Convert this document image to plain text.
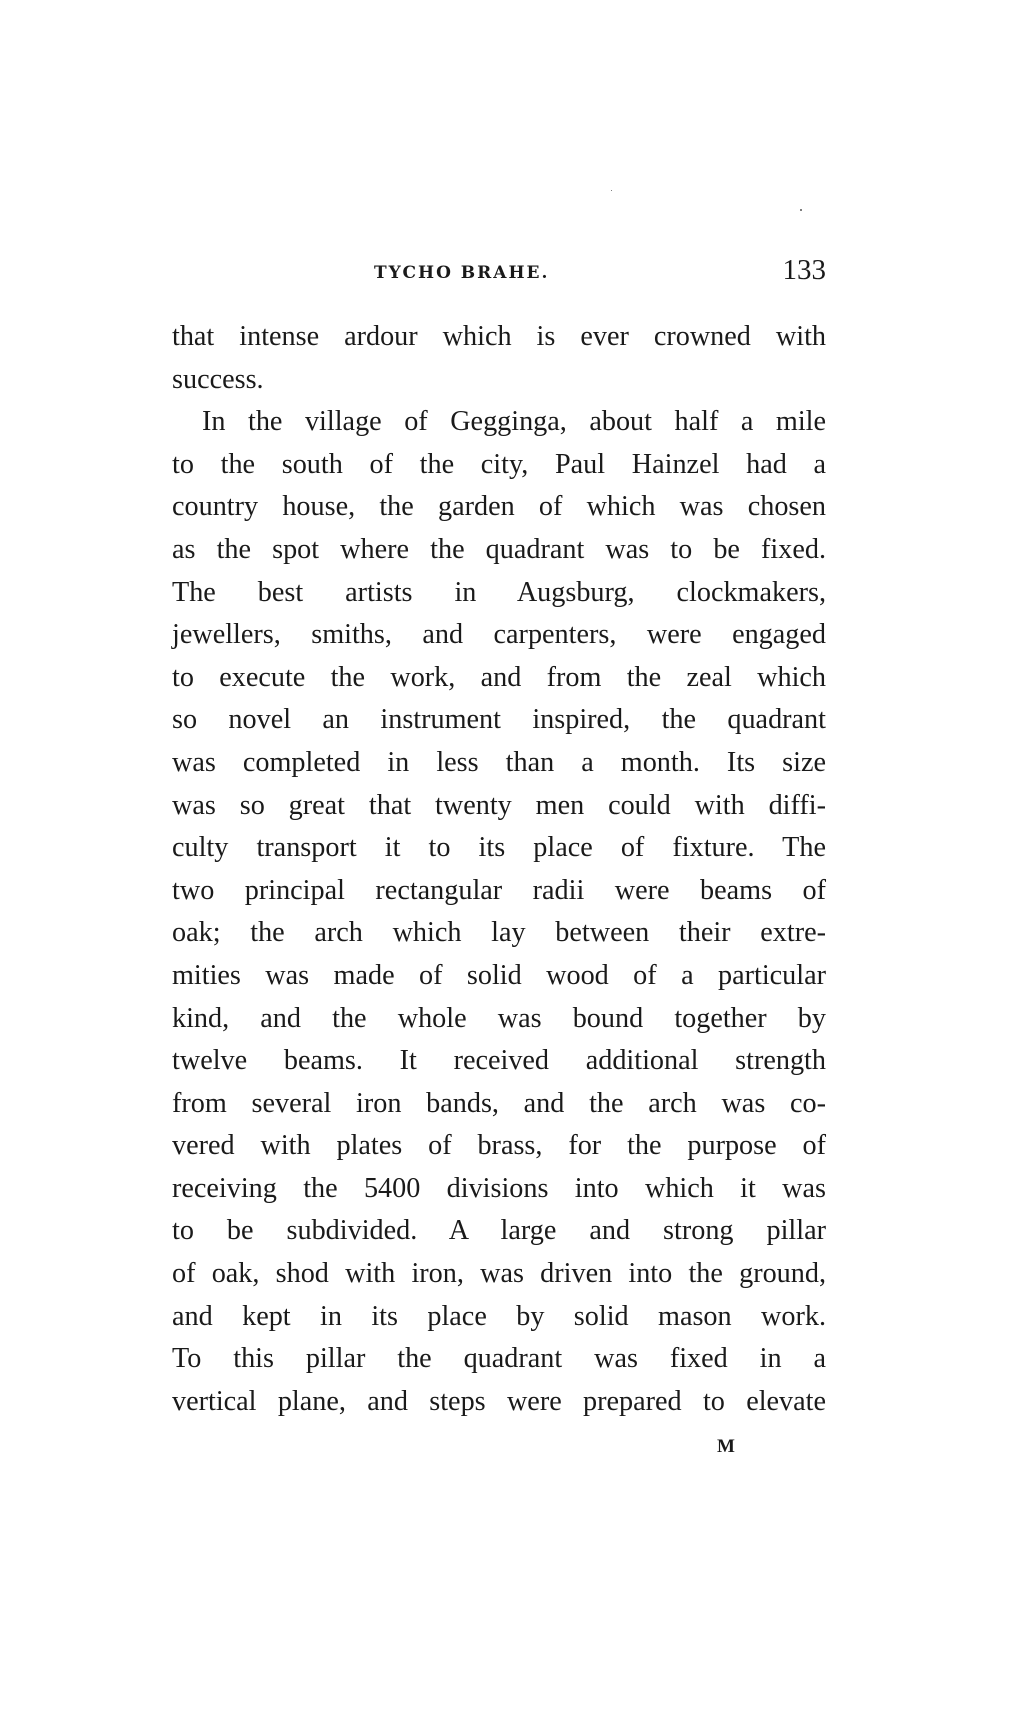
TYCHO BRAHE.	133
that intense ardour which is ever crowned with
success.
In the village of Gegginga, about half a mile
to the south of the city, Paul Hainzel had a
country house, the garden of which was chosen
as the spot where the quadrant was to be fixed.
The best artists in Augsburg, clockmakers,
jewellers, smiths, and carpenters, were engaged
to execute the work, and from the zeal which
so novel an instrument inspired, the quadrant
was completed in less than a month. Its size
was so great that twenty men could with diffi-
culty transport it to its place of fixture. The
two principal rectangular radii were beams of
oak; the arch which lay between their extre-
mities was made of solid wood of a particular
kind, and the whole was bound together by
twelve beams. It received additional strength
from several iron bands, and the arch was co-
vered with plates of brass, for the purpose of
receiving the 5400 divisions into which it was
to be subdivided. A large and strong pillar
of oak, shod with iron, was driven into the ground,
and kept in its place by solid mason work.
To this pillar the quadrant was fixed in a
vertical plane, and steps were prepared to elevate
M
